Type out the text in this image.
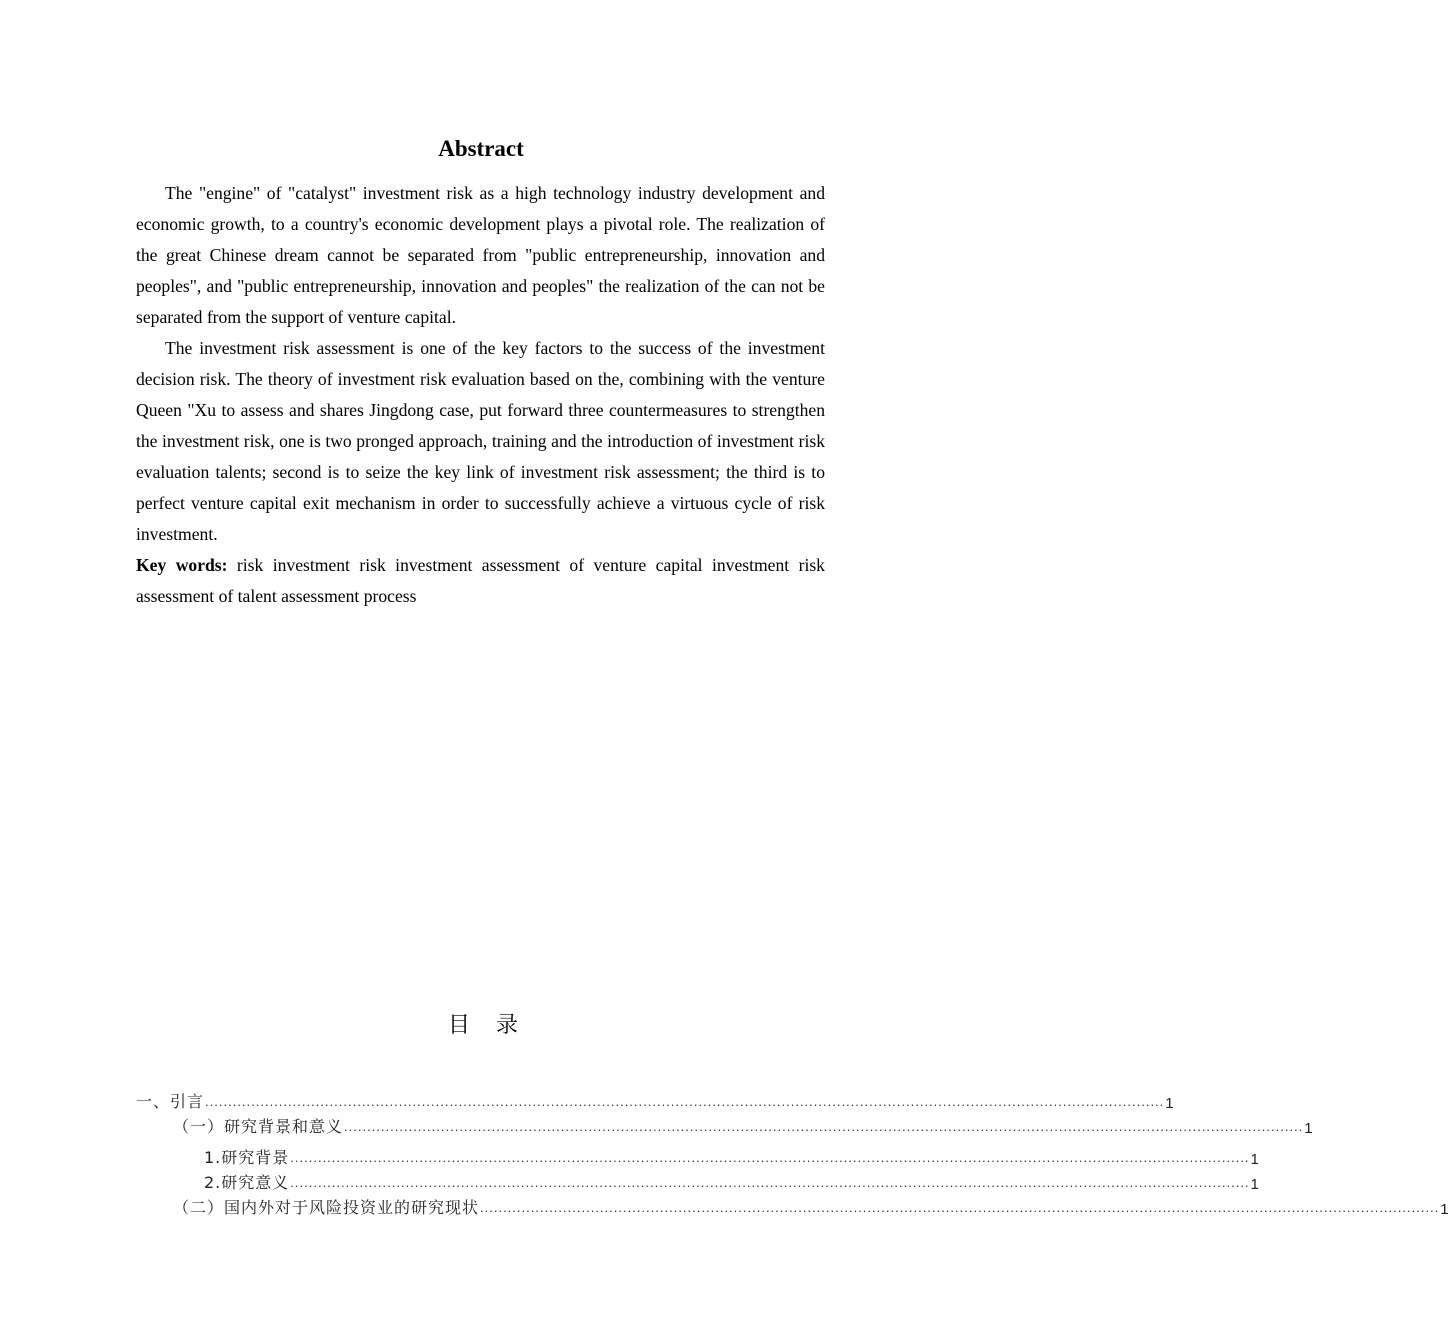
Abstract

The "engine" of "catalyst" investment risk as a high technology industry development and economic growth, to a country's economic development plays a pivotal role. The realization of the great Chinese dream cannot be separated from "public entrepreneurship, innovation and peoples", and "public entrepreneurship, innovation and peoples" the realization of the can not be separated from the support of venture capital.

The investment risk assessment is one of the key factors to the success of the investment decision risk. The theory of investment risk evaluation based on the, combining with the venture Queen "Xu to assess and shares Jingdong case, put forward three countermeasures to strengthen the investment risk, one is two pronged approach, training and the introduction of investment risk evaluation talents; second is to seize the key link of investment risk assessment; the third is to perfect venture capital exit mechanism in order to successfully achieve a virtuous cycle of risk investment.

Key words: risk investment risk investment assessment of venture capital investment risk assessment of talent assessment process

目录
一、引言 ................................................................................................................................................................................................................ 1
（一）研究背景和意义 ................................................................................................................................................................................................................ 1
1.研究背景 ................................................................................................................................................................................................................ 1
2.研究意义 ................................................................................................................................................................................................................ 1
（二）国内外对于风险投资业的研究现状 ................................................................................................................................................................................................................ 1
